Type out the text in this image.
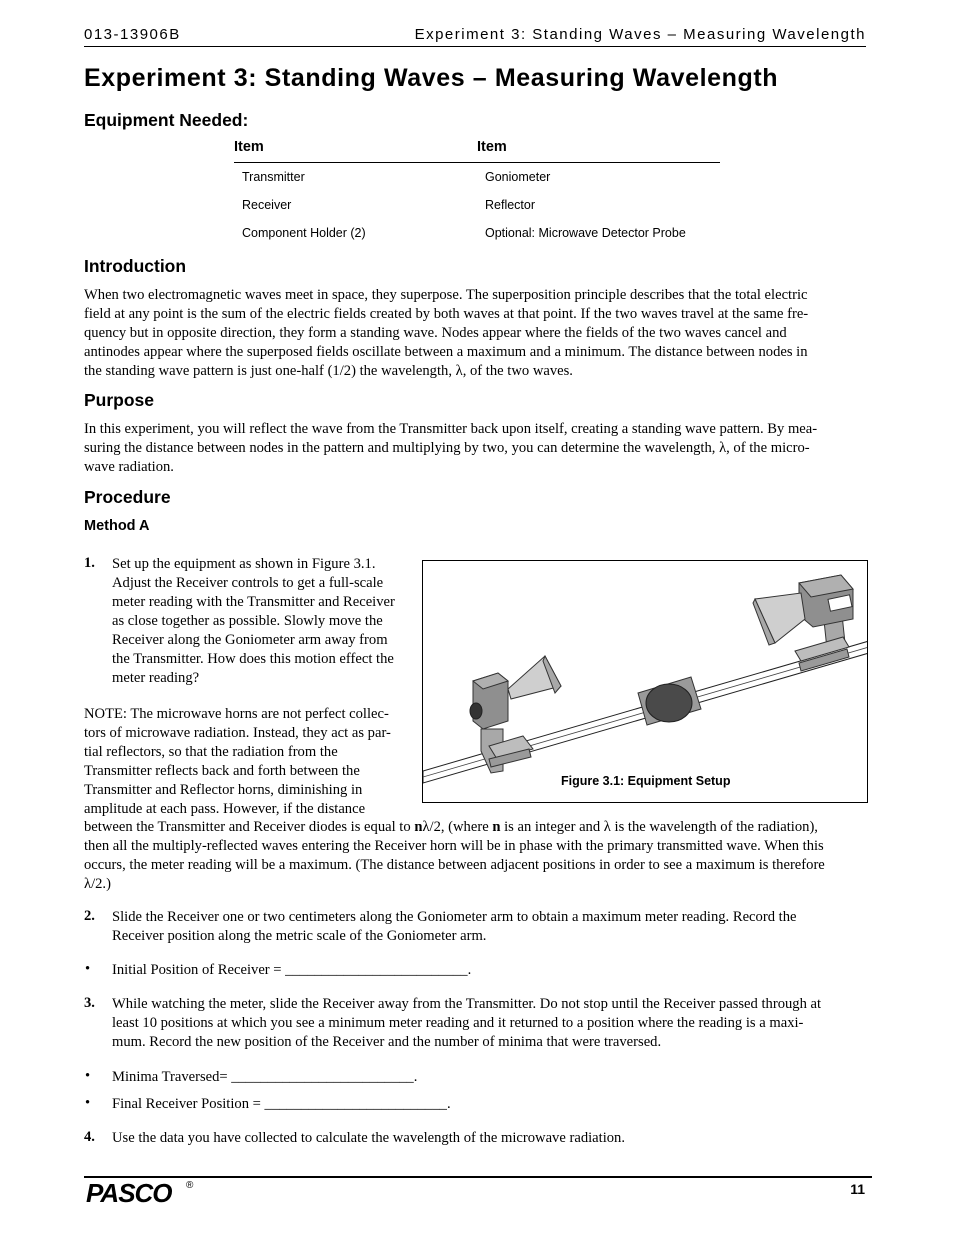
013-13906B	Experiment 3: Standing Waves – Measuring Wavelength
Experiment 3: Standing Waves – Measuring Wavelength
Equipment Needed:
Item	Item
Transmitter	Goniometer
Receiver	Reflector
Component Holder (2)	Optional: Microwave Detector Probe
Introduction
When two electromagnetic waves meet in space, they superpose. The superposition principle describes that the total electric
field at any point is the sum of the electric fields created by both waves at that point. If the two waves travel at the same fre-
quency but in opposite direction, they form a standing wave. Nodes appear where the fields of the two waves cancel and
antinodes appear where the superposed fields oscillate between a maximum and a minimum. The distance between nodes in
the standing wave pattern is just one-half (1/2) the wavelength, λ, of the two waves.
Purpose
In this experiment, you will reflect the wave from the Transmitter back upon itself, creating a standing wave pattern. By mea-
suring the distance between nodes in the pattern and multiplying by two, you can determine the wavelength, λ, of the micro-
wave radiation.
Procedure
Method A
1. Set up the equipment as shown in Figure 3.1.
Adjust the Receiver controls to get a full-scale
meter reading with the Transmitter and Receiver
as close together as possible. Slowly move the
Receiver along the Goniometer arm away from
the Transmitter. How does this motion effect the
meter reading?
NOTE: The microwave horns are not perfect collec-
tors of microwave radiation. Instead, they act as par-
tial reflectors, so that the radiation from the
Transmitter reflects back and forth between the
Transmitter and Reflector horns, diminishing in
amplitude at each pass. However, if the distance
between the Transmitter and Receiver diodes is equal to nλ/2, (where n is an integer and λ is the wavelength of the radiation),
then all the multiply-reflected waves entering the Receiver horn will be in phase with the primary transmitted wave. When this
occurs, the meter reading will be a maximum. (The distance between adjacent positions in order to see a maximum is therefore
λ/2.)
Figure 3.1: Equipment Setup
2. Slide the Receiver one or two centimeters along the Goniometer arm to obtain a maximum meter reading. Record the
Receiver position along the metric scale of the Goniometer arm.
• Initial Position of Receiver = _________________________.
3. While watching the meter, slide the Receiver away from the Transmitter. Do not stop until the Receiver passed through at
least 10 positions at which you see a minimum meter reading and it returned to a position where the reading is a maxi-
mum. Record the new position of the Receiver and the number of minima that were traversed.
• Minima Traversed= _________________________.
• Final Receiver Position = _________________________.
4. Use the data you have collected to calculate the wavelength of the microwave radiation.
PASCO ®	11
